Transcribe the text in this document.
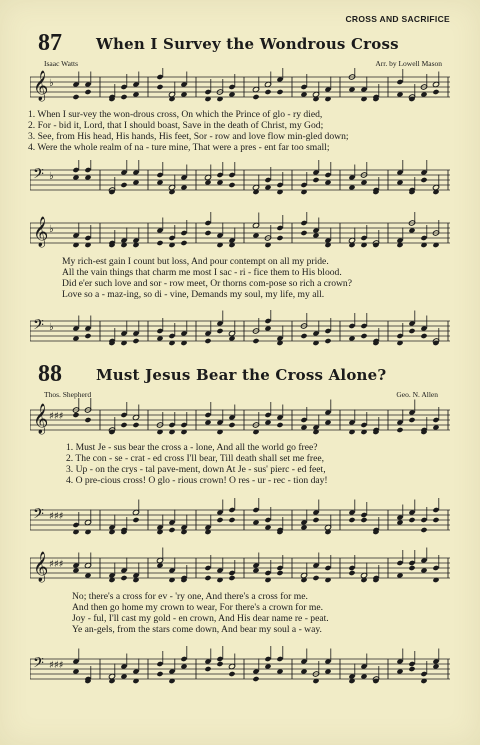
CROSS AND SACRIFICE
87 When I Survey the Wondrous Cross
Isaac Watts	Arr. by Lowell Mason
𝄞 ♭
1. When I sur-vey the won-drous cross, On which the Prince of glo - ry died,
2. For - bid it, Lord, that I should boast, Save in the death of Christ, my God;
3. See, from His head, His hands, His feet, Sor - row and love flow min-gled down;
4. Were the whole realm of na - ture mine, That were a pres - ent far too small;
𝄢 ♭
𝄞 ♭
My rich-est gain I count but loss, And pour contempt on all my pride.
All the vain things that charm me most I sac - ri - fice them to His blood.
Did e'er such love and sor - row meet, Or thorns com-pose so rich a crown?
Love so a - maz-ing, so di - vine, Demands my soul, my life, my all.
𝄢 ♭
88 Must Jesus Bear the Cross Alone?
Thos. Shepherd	Geo. N. Allen
𝄞 ♯♯♯
1. Must Je - sus bear the cross a - lone, And all the world go free?
2. The con - se - crat - ed cross I'll bear, Till death shall set me free,
3. Up - on the crys - tal pave-ment, down At Je - sus' pierc - ed feet,
4. O pre-cious cross! O glo - rious crown! O res - ur - rec - tion day!
𝄢 ♯♯♯
𝄞 ♯♯♯
No; there's a cross for ev - 'ry one, And there's a cross for me.
And then go home my crown to wear, For there's a crown for me.
Joy - ful, I'll cast my gold - en crown, And His dear name re - peat.
Ye an-gels, from the stars come down, And bear my soul a - way.
𝄢 ♯♯♯
